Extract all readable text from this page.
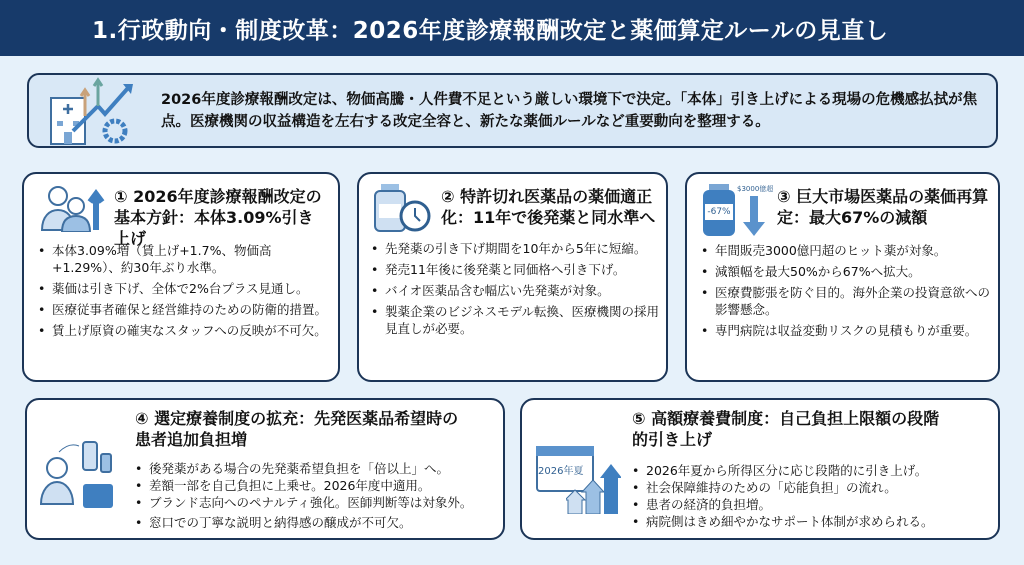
1.行政動向・制度改革：2026年度診療報酬改定と薬価算定ルールの見直し

2026年度診療報酬改定は、物価高騰・人件費不足という厳しい環境下で決定。「本体」引き上げによる現場の危機感払拭が焦点。医療機関の収益構造を左右する改定全容と、新たな薬価ルールなど重要動向を整理する。

① 2026年度診療報酬改定の基本方針：本体3.09%引き上げ
• 本体3.09%増（賃上げ+1.7%、物価高+1.29%）、約30年ぶり水準。
• 薬価は引き下げ、全体で2%台プラス見通し。
• 医療従事者確保と経営維持のための防衛的措置。
• 賃上げ原資の確実なスタッフへの反映が不可欠。
② 特許切れ医薬品の薬価適正化：11年で後発薬と同水準へ
• 先発薬の引き下げ期間を10年から5年に短縮。
• 発売11年後に後発薬と同価格へ引き下げ。
• バイオ医薬品含む幅広い先発薬が対象。
• 製薬企業のビジネスモデル転換、医療機関の採用見直しが必要。
-67%
$3000億超 ③ 巨大市場医薬品の薬価再算定：最大67%の減額
• 年間販売3000億円超のヒット薬が対象。
• 減額幅を最大50%から67%へ拡大。
• 医療費膨張を防ぐ目的。海外企業の投資意欲への影響懸念。
• 専門病院は収益変動リスクの見積もりが重要。
④ 選定療養制度の拡充：先発医薬品希望時の患者追加負担増
• 後発薬がある場合の先発薬希望負担を「倍以上」へ。
• 差額一部を自己負担に上乗せ。2026年度中適用。
• ブランド志向へのペナルティ強化。医師判断等は対象外。
• 窓口での丁寧な説明と納得感の醸成が不可欠。
2026年夏
⑤ 高額療養費制度：自己負担上限額の段階的引き上げ
• 2026年夏から所得区分に応じ段階的に引き上げ。
• 社会保障維持のための「応能負担」の流れ。
• 患者の経済的負担増。
• 病院側はきめ細やかなサポート体制が求められる。
